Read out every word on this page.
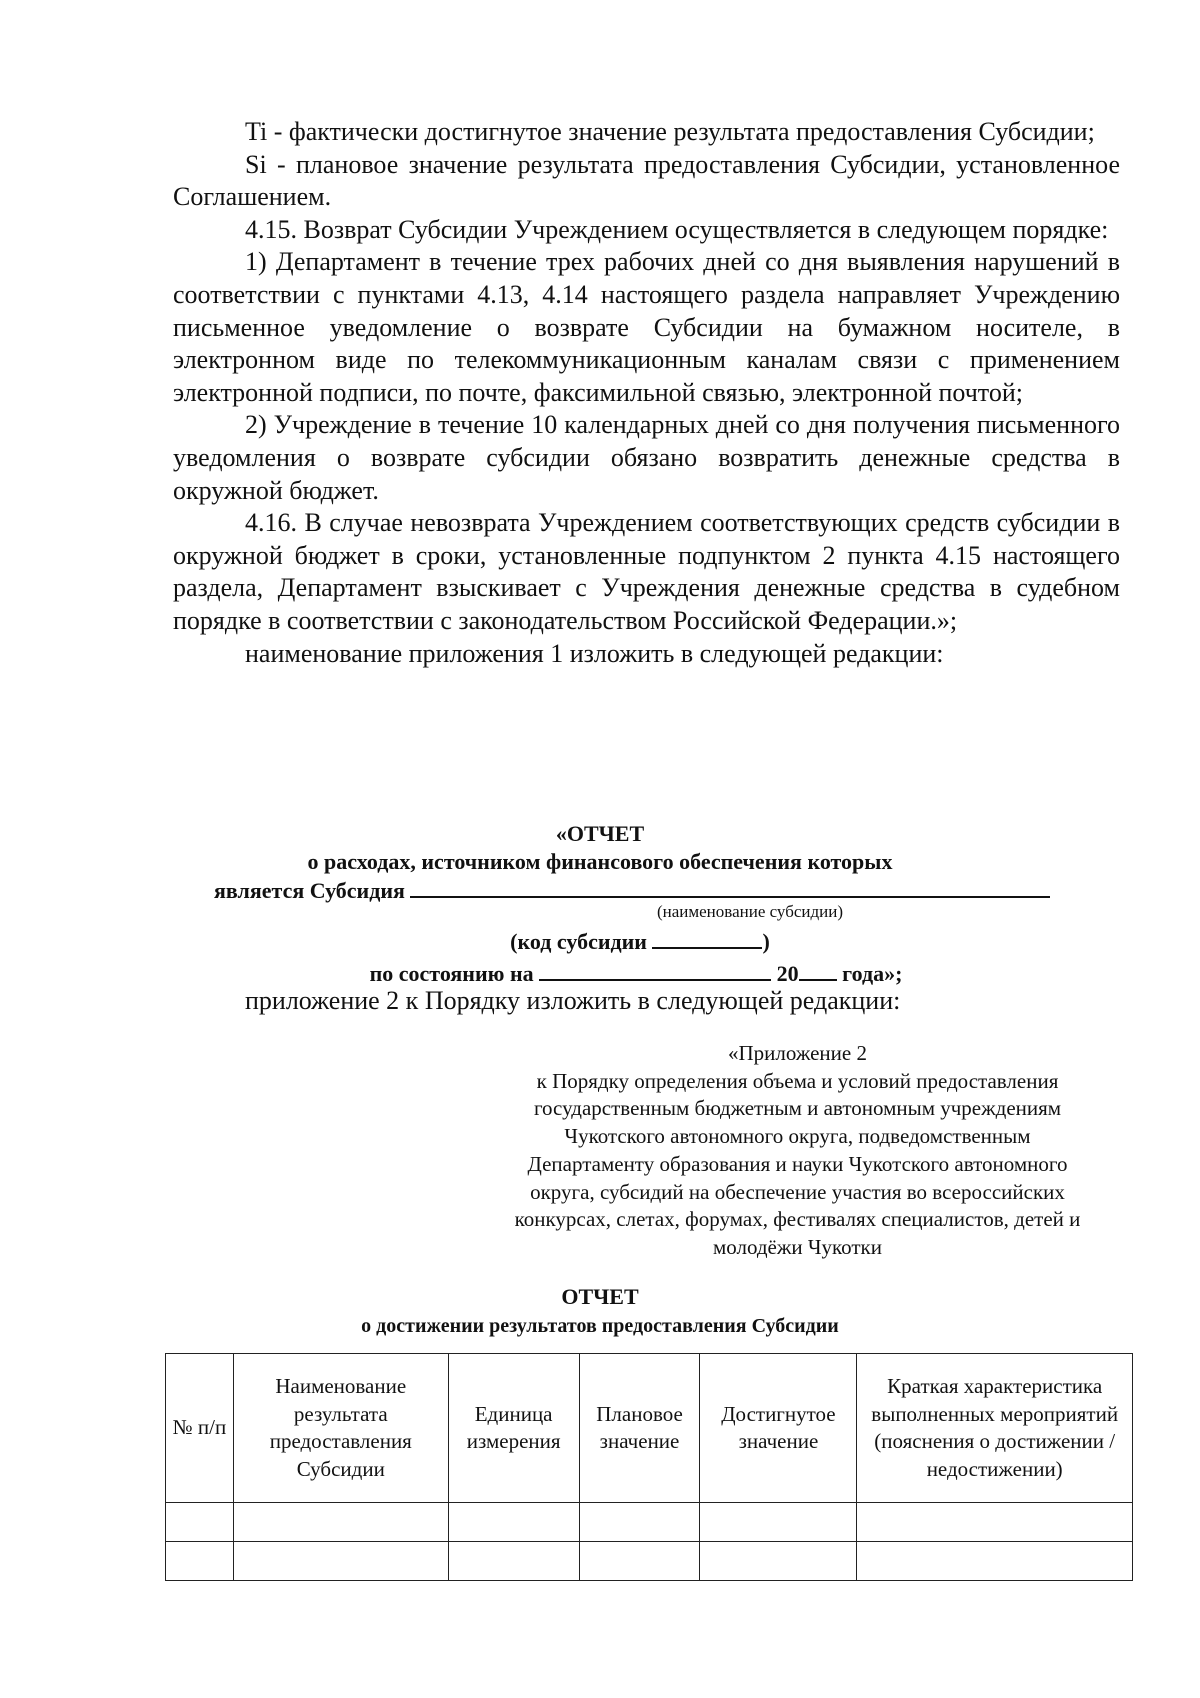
Ti - фактически достигнутое значение результата предоставления Субсидии;

Si - плановое значение результата предоставления Субсидии, установленное Соглашением.

4.15. Возврат Субсидии Учреждением осуществляется в следующем порядке:

1) Департамент в течение трех рабочих дней со дня выявления нарушений в соответствии с пунктами 4.13, 4.14 настоящего раздела направляет Учреждению письменное уведомление о возврате Субсидии на бумажном носителе, в электронном виде по телекоммуникационным каналам связи с применением электронной подписи, по почте, факсимильной связью, электронной почтой;

2) Учреждение в течение 10 календарных дней со дня получения письменного уведомления о возврате субсидии обязано возвратить денежные средства в окружной бюджет.

4.16. В случае невозврата Учреждением соответствующих средств субсидии в окружной бюджет в сроки, установленные подпунктом 2 пункта 4.15 настоящего раздела, Департамент взыскивает с Учреждения денежные средства в судебном порядке в соответствии с законодательством Российской Федерации.»;

наименование приложения 1 изложить в следующей редакции:

«ОТЧЕТ
о расходах, источником финансового обеспечения которых
является Субсидия
(наименование субсидии)
(код субсидии	)
по состоянию на	20 года»;
приложение 2 к Порядку изложить в следующей редакции:
«Приложение 2
к Порядку определения объема и условий предоставления
государственным бюджетным и автономным учреждениям
Чукотского автономного округа, подведомственным
Департаменту образования и науки Чукотского автономного
округа, субсидий на обеспечение участия во всероссийских
конкурсах, слетах, форумах, фестивалях специалистов, детей и
молодёжи Чукотки
ОТЧЕТ
о достижении результатов предоставления Субсидии
№ п/п	Наименование результата предоставления Субсидии	Единица измерения	Плановое значение	Достигнутое значение	Краткая характеристика выполненных мероприятий (пояснения о достижении / недостижении)
